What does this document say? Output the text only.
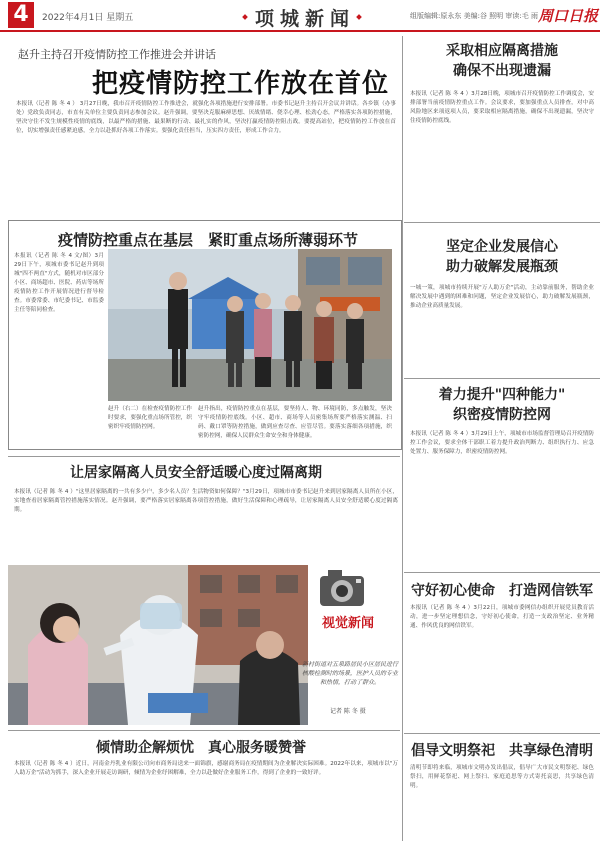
4	2022年4月1日 星期五	项城新闻	组版编辑:原永东 美编:谷 照明 审读:毛 雨 周口日报
赵升主持召开疫情防控工作推进会并讲话
把疫情防控工作放在首位
本报讯（记者 陈 冬 4 ） 3月27日晚，我市召开疫情防控工作推进会，就强化各项措施进行安排部署。市委书记赵升主持召开会议并讲话。各乡镇（办事处）党政负责同志，市直有关单位主要负责同志参加会议。赵升强调，要坚决克服麻痹思想、厌战情绪、侥幸心理、松劲心态，严格落实各项防控措施，坚决守住不发生规模性疫情的底线，以最严格的措施、最果断的行动、最扎实的作风，坚决打赢疫情防控阻击战。要提高站位，把疫情防控工作放在首位，切实增强责任感紧迫感，全力以赴抓好各项工作落实。要强化责任担当，压实四方责任，形成工作合力。
疫情防控重点在基层　紧盯重点场所薄弱环节
本报讯（记者 陈 冬 4 文/图）3月29日下午，项城市委书记赵升到项城"四不两直"方式，随机对市区部分小区、商场超市、医院、药店等场所疫情防控工作开展情况进行督导检查。市委常委、市纪委书记、市监委主任等陪同检查。
赵升（右二）在检查疫情防控工作时要求，要强化重点场所管控，织密织牢疫情防控网。
赵升指出，疫情防控重点在基层，要坚持人、物、环境同防，多点触发，坚决守牢疫情防控底线。小区、超市、商场等人员密集场所要严格落实测温、扫码、戴口罩等防控措施，做到应查尽查、应管尽管。要落实落细各项措施，织密防控网，确保人民群众生命安全和身体健康。
让居家隔离人员安全舒适暖心度过隔离期
本报讯（记者 陈 冬 4 ）"这里居家隔离的一共有多少户，多少名人员？生活物资如何保障？"3月29日，项城市市委书记赵升来到居家隔离人员所在小区，实地查看居家隔离管控措施落实情况。赵升强调，要严格落实居家隔离各项管控措施，做好生活保障和心理疏导，让居家隔离人员安全舒适暖心度过隔离期。
视觉新闻
新村街道对五泉路居民小区居民进行核酸检测时的场景，医护人员的专业和热情，打动了群众。
记者 陈 冬 摄
倾情助企解烦忧　真心服务暖赞誉
本报讯（记者 陈 冬 4 ）近日，河南金丹乳业有限公司向市商务局送来一面锦旗，感谢商务局在疫情期间为企业解决实际困难。2022年以来，项城市以"万人助万企"活动为抓手，深入企业开展走访调研，倾情为企业纾困解难，全力以赴做好企业服务工作，得到了企业的一致好评。
采取相应隔离措施
确保不出现遗漏
本报讯（记者 陈 冬 4 ）3月28日晚，项城市召开疫情防控工作调度会，安排部署当前疫情防控重点工作。会议要求，要加强重点人员排查，对中高风险地区来项返项人员，要采取相应隔离措施，确保不出现遗漏，坚决守住疫情防控底线。
坚定企业发展信心
助力破解发展瓶颈
一城一策，项城市持续开展"万人助万企"活动，主动靠前服务，帮助企业解决发展中遇到的困难和问题，坚定企业发展信心，助力破解发展瓶颈，推动企业高质量发展。
着力提升"四种能力"
织密疫情防控网
本报讯（记者 陈 冬 4 ）3月29日上午，项城市市场监督管理局召开疫情防控工作会议，要求全体干部职工着力提升政治判断力、组织执行力、应急处置力、服务保障力，织密疫情防控网。
守好初心使命　打造网信铁军
本报讯（记者 陈 冬 4 ）3月22日，项城市委网信办组织开展党员教育活动，进一步坚定理想信念，守好初心使命，打造一支政治坚定、业务精通、作风优良的网信铁军。
倡导文明祭祀　共享绿色清明
清明节即将来临，项城市文明办发出倡议，倡导广大市民文明祭祀、绿色祭扫，用鲜花祭祀、网上祭扫、家庭追思等方式寄托哀思，共享绿色清明。
